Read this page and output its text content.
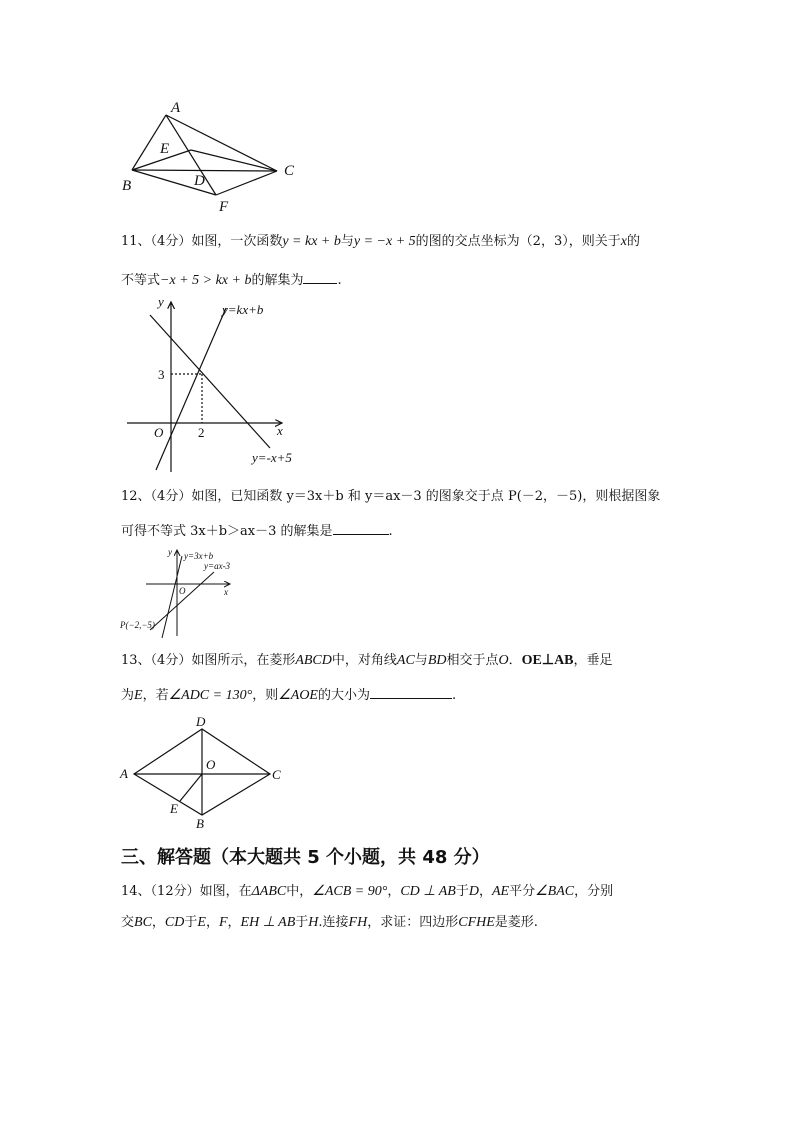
A
B
C
D
E
F
11、（4分）如图，一次函数y = kx + b与y = −x + 5的图的交点坐标为（2，3），则关于x的
不等式−x + 5 > kx + b的解集为	.
y
x
O	2
3
y=kx+b
y=-x+5
12、（4分）如图，已知函数 y＝3x＋b 和 y＝ax－3 的图象交于点 P(－2，－5)，则根据图象
可得不等式 3x＋b＞ax－3 的解集是	.
y
x
O
y=3x+b
y=ax-3
P(−2,−5)
13、（4分）如图所示，在菱形ABCD中，对角线AC与BD相交于点O．OE⊥AB，垂足
为E，若∠ADC = 130°，则∠AOE的大小为	.
A
B
C
D
E
O
三、解答题（本大题共 5 个小题，共 48 分）
14、（12分）如图，在ΔABC中，∠ACB = 90°，CD ⊥ AB于D，AE平分∠BAC，分别
交BC，CD于E，F，EH ⊥ AB于H.连接FH，求证：四边形CFHE是菱形.
